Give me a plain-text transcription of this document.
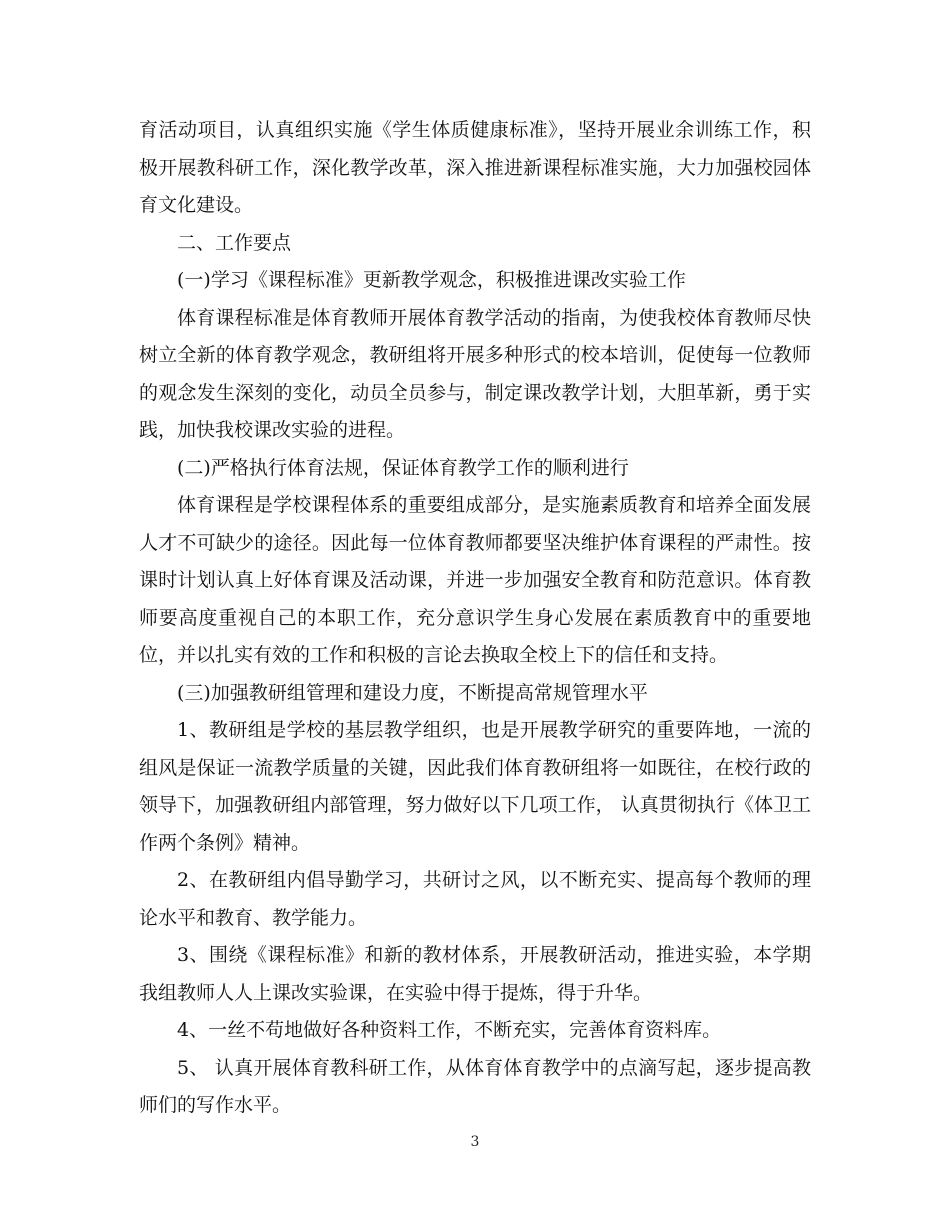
育活动项目，认真组织实施《学生体质健康标准》，坚持开展业余训练工作，积极开展教科研工作，深化教学改革，深入推进新课程标准实施，大力加强校园体育文化建设。

二、工作要点

(一)学习《课程标准》更新教学观念，积极推进课改实验工作

体育课程标准是体育教师开展体育教学活动的指南，为使我校体育教师尽快树立全新的体育教学观念，教研组将开展多种形式的校本培训，促使每一位教师的观念发生深刻的变化，动员全员参与，制定课改教学计划，大胆革新，勇于实践，加快我校课改实验的进程。

(二)严格执行体育法规，保证体育教学工作的顺利进行

体育课程是学校课程体系的重要组成部分，是实施素质教育和培养全面发展人才不可缺少的途径。因此每一位体育教师都要坚决维护体育课程的严肃性。按课时计划认真上好体育课及活动课，并进一步加强安全教育和防范意识。体育教师要高度重视自己的本职工作，充分意识学生身心发展在素质教育中的重要地位，并以扎实有效的工作和积极的言论去换取全校上下的信任和支持。

(三)加强教研组管理和建设力度，不断提高常规管理水平

1、教研组是学校的基层教学组织，也是开展教学研究的重要阵地，一流的组风是保证一流教学质量的关键，因此我们体育教研组将一如既往，在校行政的领导下，加强教研组内部管理，努力做好以下几项工作， 认真贯彻执行《体卫工作两个条例》精神。

2、在教研组内倡导勤学习，共研讨之风，以不断充实、提高每个教师的理论水平和教育、教学能力。

3、围绕《课程标准》和新的教材体系，开展教研活动，推进实验，本学期我组教师人人上课改实验课，在实验中得于提炼，得于升华。

4、一丝不苟地做好各种资料工作，不断充实，完善体育资料库。

5、 认真开展体育教科研工作，从体育体育教学中的点滴写起，逐步提高教师们的写作水平。

3
